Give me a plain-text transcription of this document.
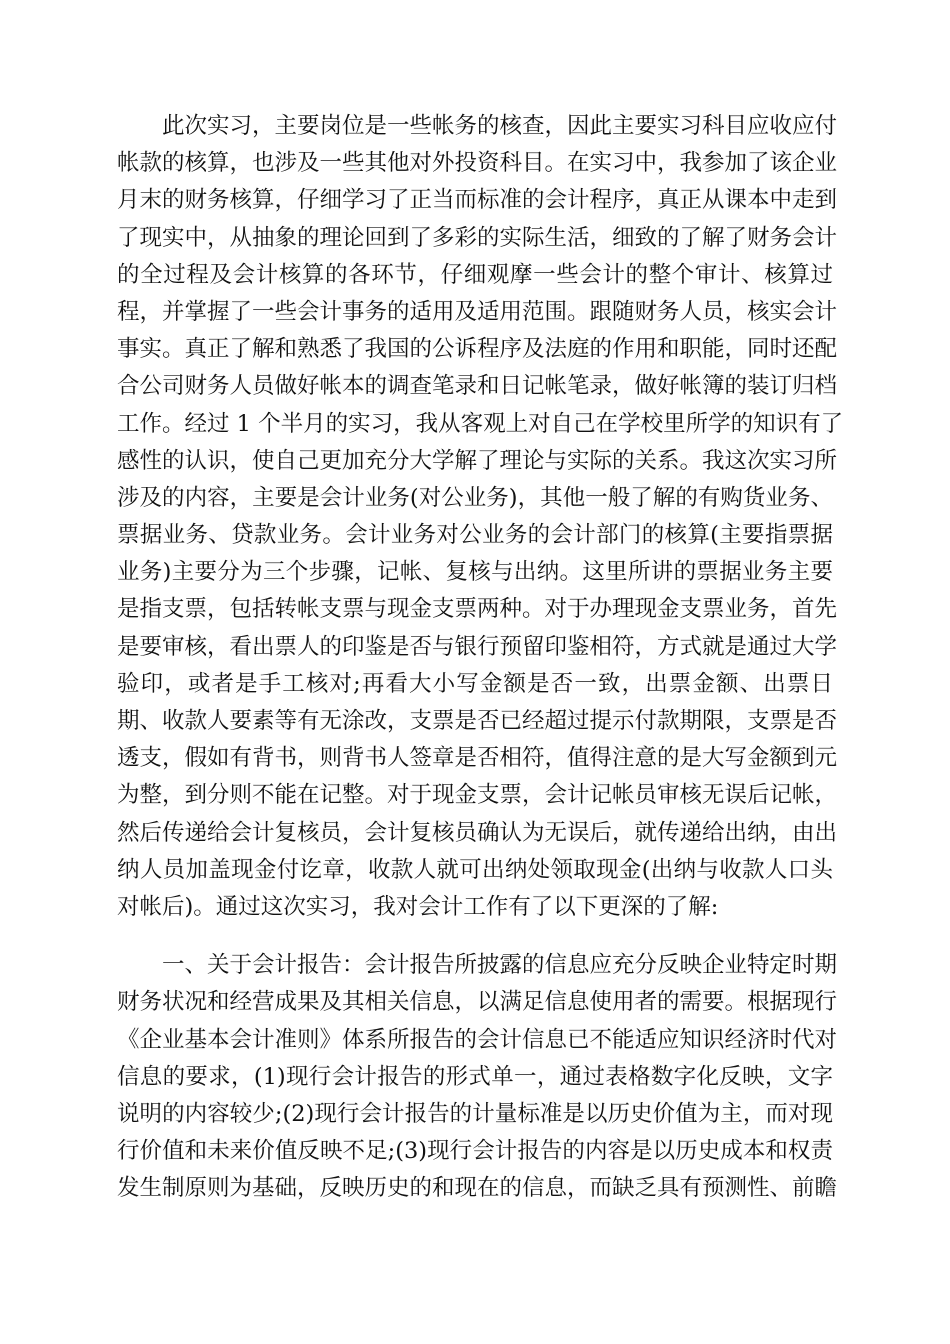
此次实习，主要岗位是一些帐务的核查，因此主要实习科目应收应付
帐款的核算，也涉及一些其他对外投资科目。在实习中，我参加了该企业
月末的财务核算，仔细学习了正当而标准的会计程序，真正从课本中走到
了现实中，从抽象的理论回到了多彩的实际生活，细致的了解了财务会计
的全过程及会计核算的各环节，仔细观摩一些会计的整个审计、核算过
程，并掌握了一些会计事务的适用及适用范围。跟随财务人员，核实会计
事实。真正了解和熟悉了我国的公诉程序及法庭的作用和职能，同时还配
合公司财务人员做好帐本的调查笔录和日记帐笔录，做好帐簿的装订归档
工作。经过 1 个半月的实习，我从客观上对自己在学校里所学的知识有了
感性的认识，使自己更加充分大学解了理论与实际的关系。我这次实习所
涉及的内容，主要是会计业务(对公业务)，其他一般了解的有购货业务、
票据业务、贷款业务。会计业务对公业务的会计部门的核算(主要指票据
业务)主要分为三个步骤，记帐、复核与出纳。这里所讲的票据业务主要
是指支票，包括转帐支票与现金支票两种。对于办理现金支票业务，首先
是要审核，看出票人的印鉴是否与银行预留印鉴相符，方式就是通过大学
验印，或者是手工核对;再看大小写金额是否一致，出票金额、出票日
期、收款人要素等有无涂改，支票是否已经超过提示付款期限，支票是否
透支，假如有背书，则背书人签章是否相符，值得注意的是大写金额到元
为整，到分则不能在记整。对于现金支票，会计记帐员审核无误后记帐，
然后传递给会计复核员，会计复核员确认为无误后，就传递给出纳，由出
纳人员加盖现金付讫章，收款人就可出纳处领取现金(出纳与收款人口头
对帐后)。通过这次实习，我对会计工作有了以下更深的了解:
一、关于会计报告：会计报告所披露的信息应充分反映企业特定时期
财务状况和经营成果及其相关信息，以满足信息使用者的需要。根据现行
《企业基本会计准则》体系所报告的会计信息已不能适应知识经济时代对
信息的要求，(1)现行会计报告的形式单一，通过表格数字化反映，文字
说明的内容较少;(2)现行会计报告的计量标准是以历史价值为主，而对现
行价值和未来价值反映不足;(3)现行会计报告的内容是以历史成本和权责
发生制原则为基础，反映历史的和现在的信息，而缺乏具有预测性、前瞻
